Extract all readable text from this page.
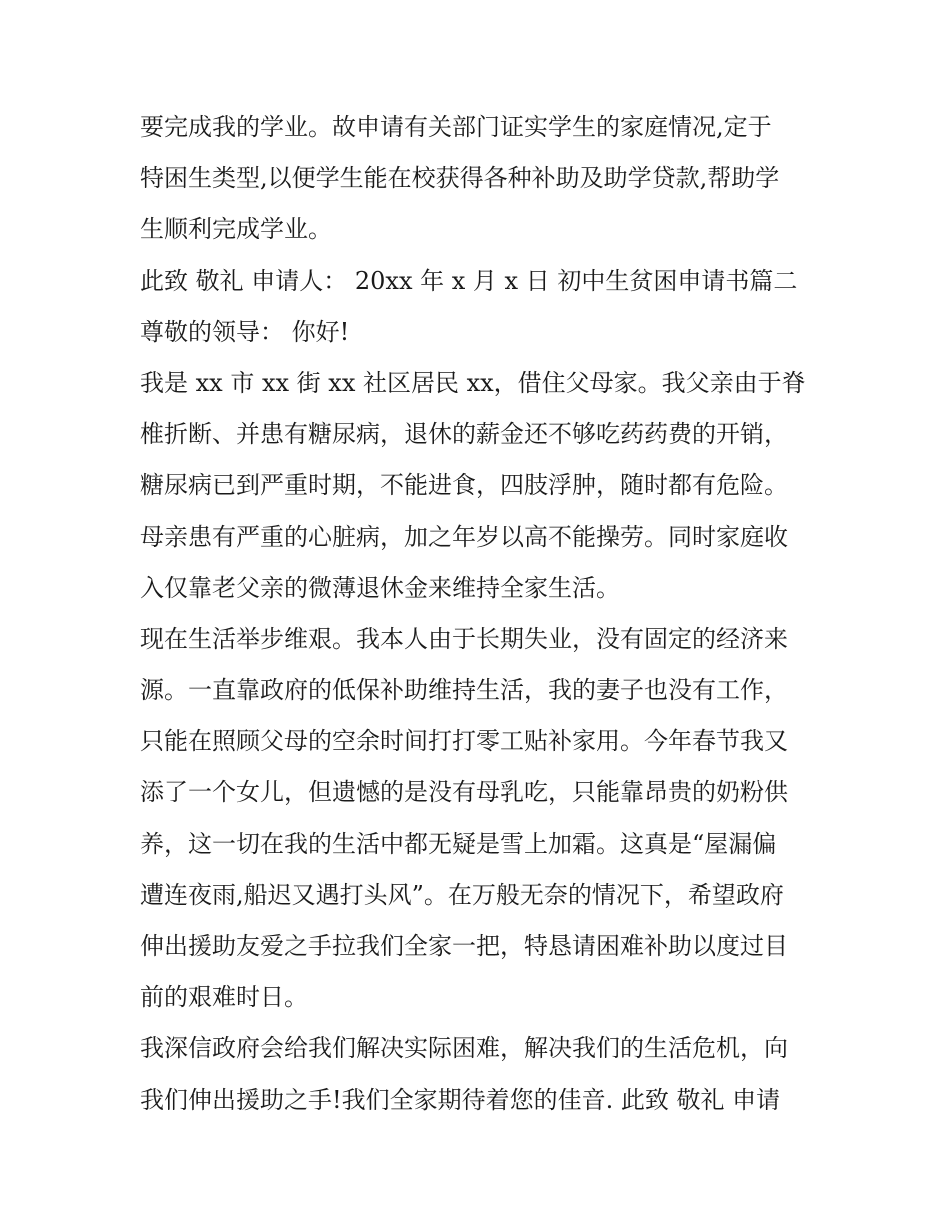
要完成我的学业。故申请有关部门证实学生的家庭情况,定于
特困生类型,以便学生能在校获得各种补助及助学贷款,帮助学
生顺利完成学业。
此致 敬礼 申请人： 20xx 年 x 月 x 日 初中生贫困申请书篇二
尊敬的领导： 你好!
我是 xx 市 xx 街 xx 社区居民 xx，借住父母家。我父亲由于脊
椎折断、并患有糖尿病，退休的薪金还不够吃药药费的开销，
糖尿病已到严重时期，不能进食，四肢浮肿，随时都有危险。
母亲患有严重的心脏病，加之年岁以高不能操劳。同时家庭收
入仅靠老父亲的微薄退休金来维持全家生活。
现在生活举步维艰。我本人由于长期失业，没有固定的经济来
源。一直靠政府的低保补助维持生活，我的妻子也没有工作，
只能在照顾父母的空余时间打打零工贴补家用。今年春节我又
添了一个女儿，但遗憾的是没有母乳吃，只能靠昂贵的奶粉供
养，这一切在我的生活中都无疑是雪上加霜。这真是“屋漏偏
遭连夜雨,船迟又遇打头风”。在万般无奈的情况下，希望政府
伸出援助友爱之手拉我们全家一把，特恳请困难补助以度过目
前的艰难时日。
我深信政府会给我们解决实际困难，解决我们的生活危机，向
我们伸出援助之手!我们全家期待着您的佳音. 此致 敬礼 申请
